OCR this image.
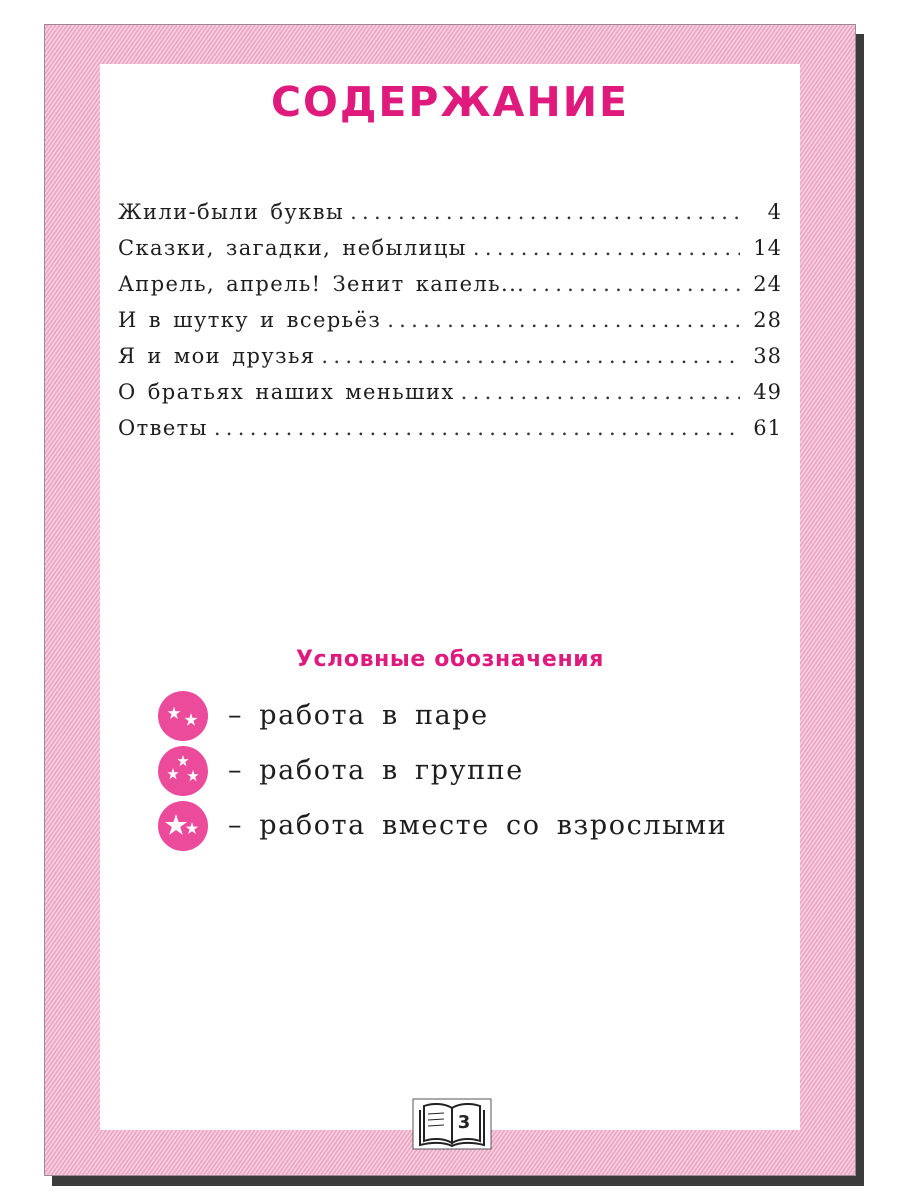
СОДЕРЖАНИЕ
Жили-были буквы .....	4
Сказки, загадки, небылицы .....	14
Апрель, апрель! Зенит капель... .....	24
И в шутку и всерьёз .....	28
Я и мои друзья .....	38
О братьях наших меньших .....	49
Ответы .....	61
Условные обозначения
– работа в паре
– работа в группе
– работа вместе со взрослыми
3
